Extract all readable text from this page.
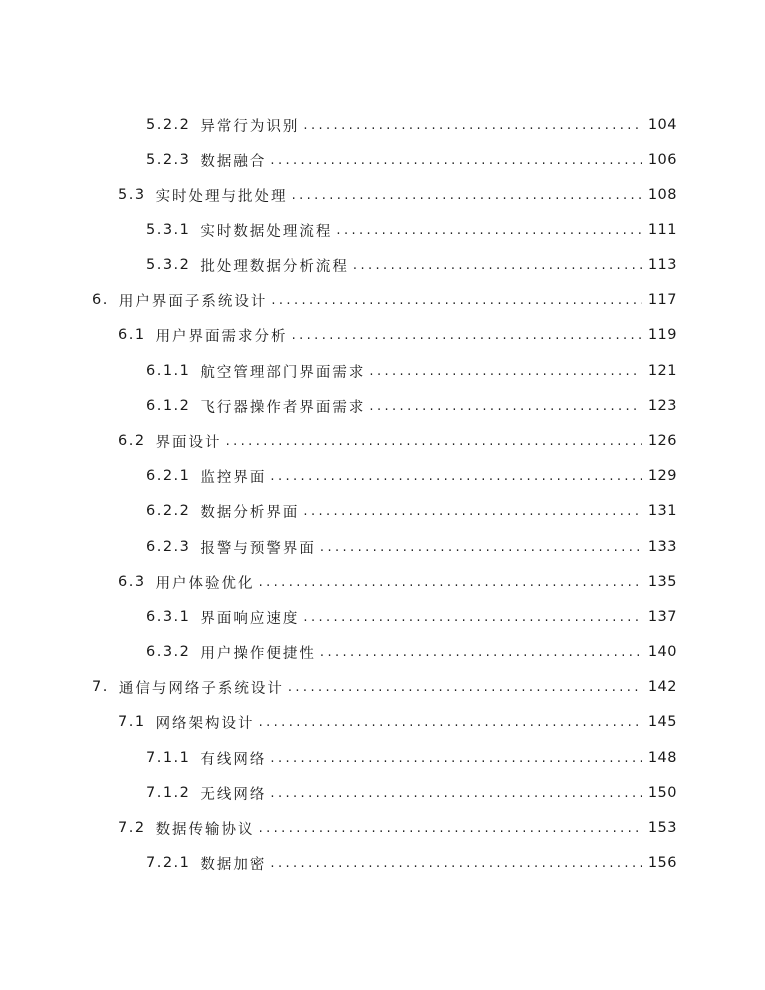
5.2.2 异常行为识别 .....	104
5.2.3 数据融合 .....	106
5.3 实时处理与批处理 .....	108
5.3.1 实时数据处理流程 .....	111
5.3.2 批处理数据分析流程 .....	113
6. 用户界面子系统设计 .....	117
6.1 用户界面需求分析 .....	119
6.1.1 航空管理部门界面需求 .....	121
6.1.2 飞行器操作者界面需求 .....	123
6.2 界面设计 .....	126
6.2.1 监控界面 .....	129
6.2.2 数据分析界面 .....	131
6.2.3 报警与预警界面 .....	133
6.3 用户体验优化 .....	135
6.3.1 界面响应速度 .....	137
6.3.2 用户操作便捷性 .....	140
7. 通信与网络子系统设计 .....	142
7.1 网络架构设计 .....	145
7.1.1 有线网络 .....	148
7.1.2 无线网络 .....	150
7.2 数据传输协议 .....	153
7.2.1 数据加密 .....	156
